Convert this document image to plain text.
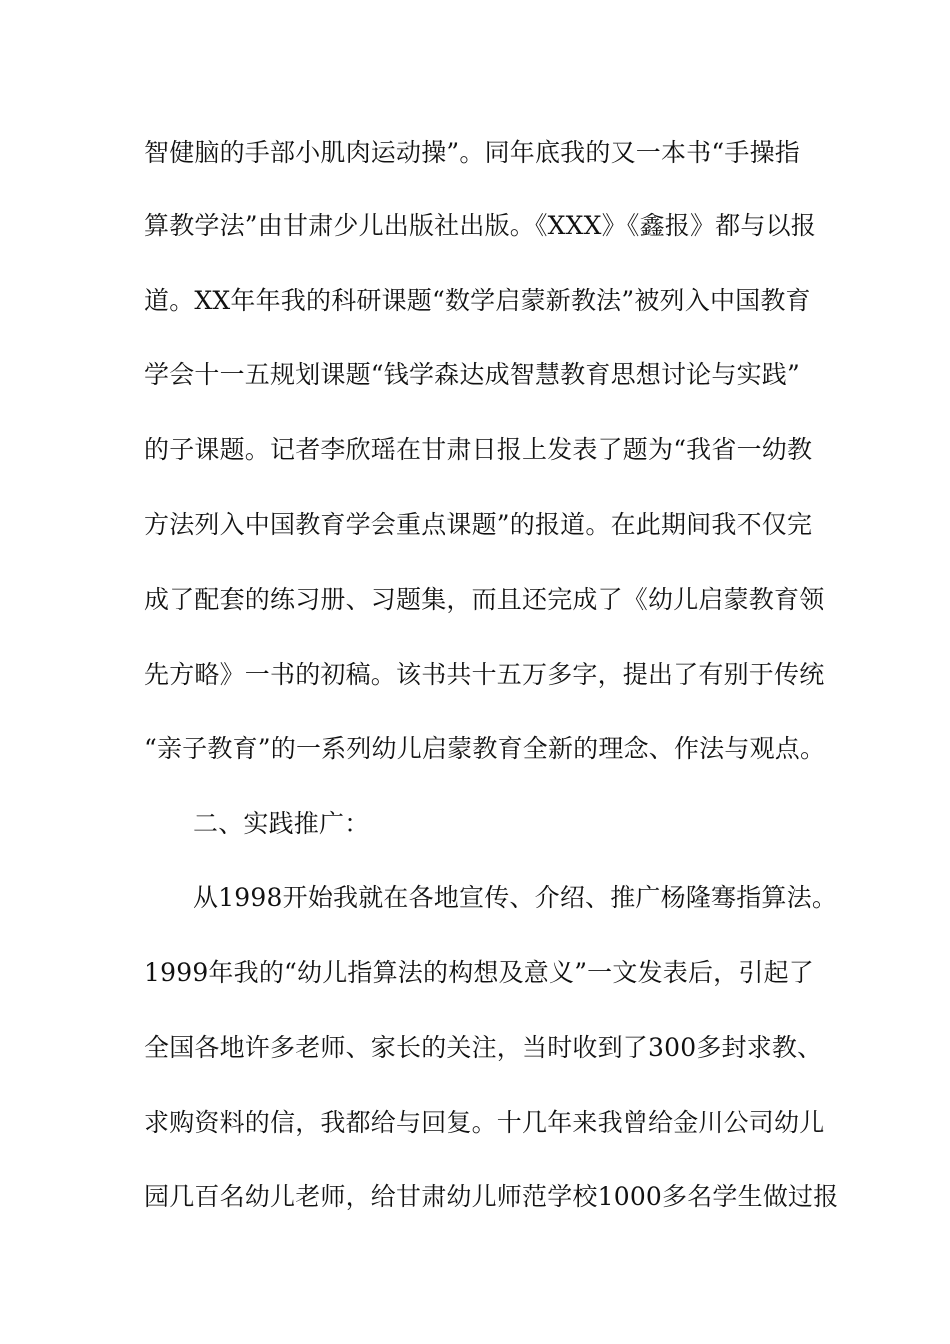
智健脑的手部小肌肉运动操”。同年底我的又一本书“手操指
算教学法”由甘肃少儿出版社出版。《XXX》《鑫报》都与以报
道。XX年年我的科研课题“数学启蒙新教法”被列入中国教育
学会十一五规划课题“钱学森达成智慧教育思想讨论与实践”
的子课题。记者李欣瑶在甘肃日报上发表了题为“我省一幼教
方法列入中国教育学会重点课题”的报道。在此期间我不仅完
成了配套的练习册、习题集，而且还完成了《幼儿启蒙教育领
先方略》一书的初稿。该书共十五万多字，提出了有别于传统
“亲子教育”的一系列幼儿启蒙教育全新的理念、作法与观点。
二、实践推广：
从1998开始我就在各地宣传、介绍、推广杨隆骞指算法。
1999年我的“幼儿指算法的构想及意义”一文发表后，引起了
全国各地许多老师、家长的关注，当时收到了300多封求教、
求购资料的信，我都给与回复。十几年来我曾给金川公司幼儿
园几百名幼儿老师，给甘肃幼儿师范学校1000多名学生做过报
